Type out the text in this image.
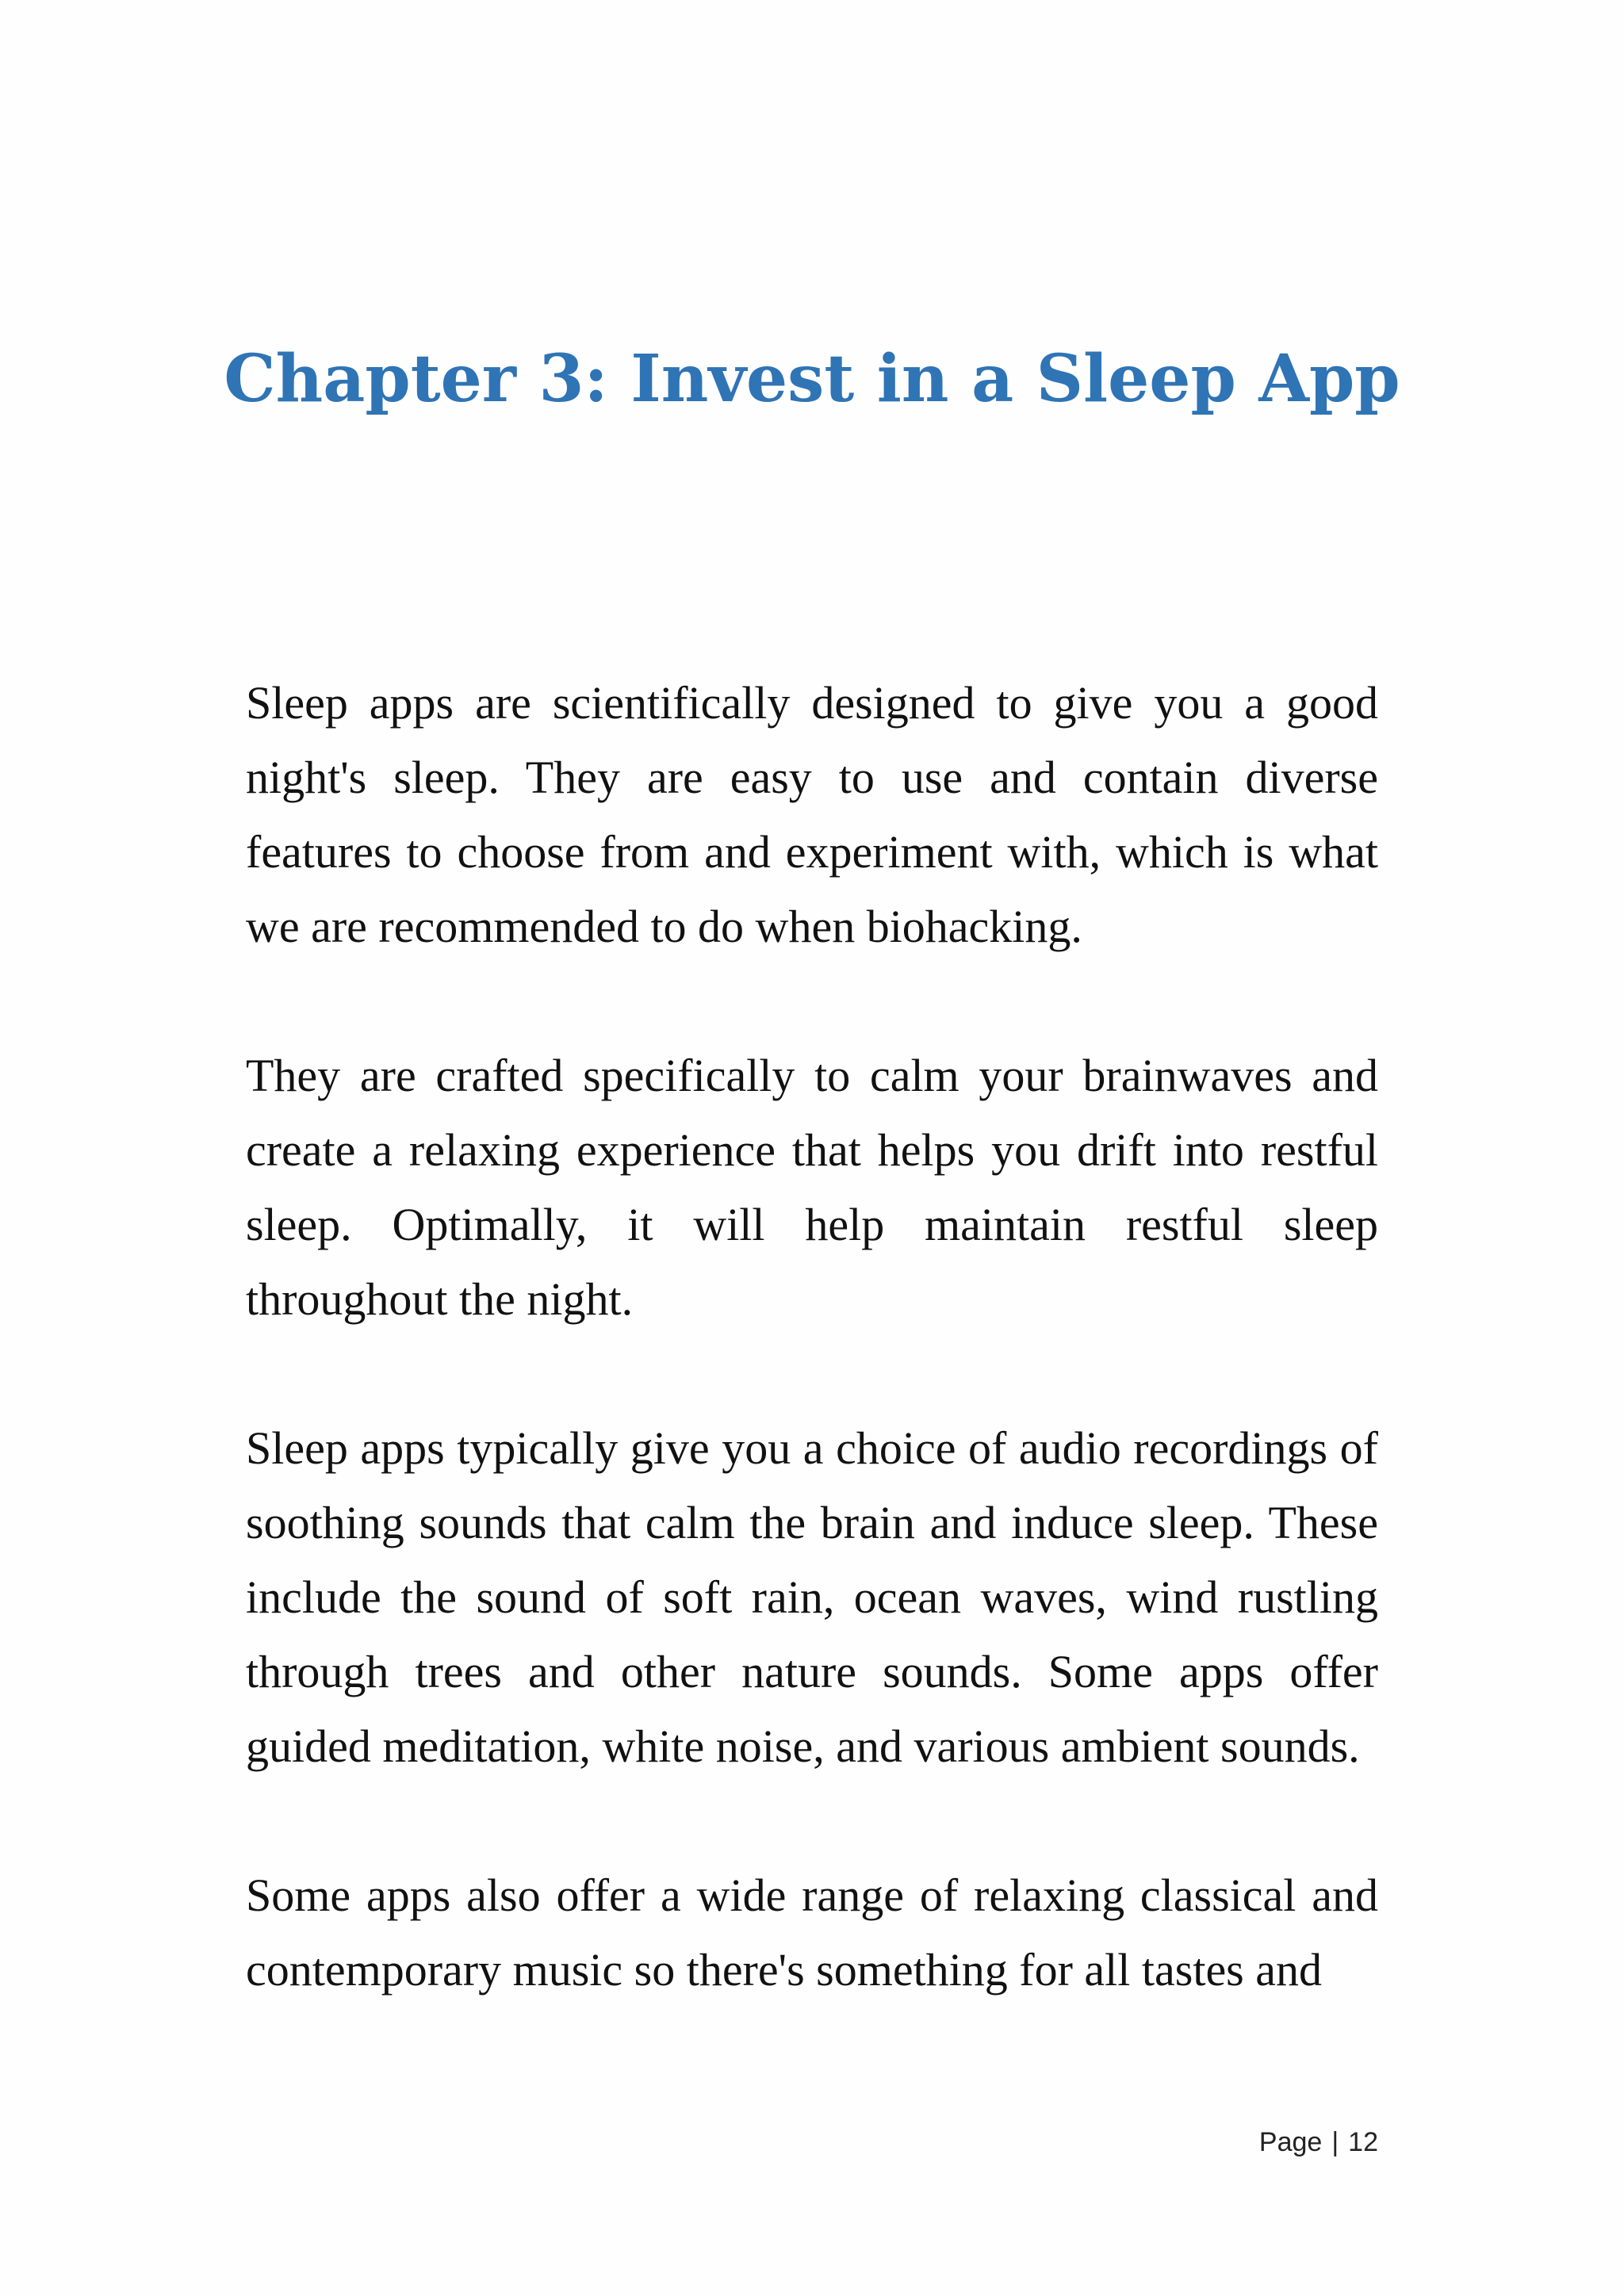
Chapter 3: Invest in a Sleep App

Sleep apps are scientifically designed to give you a good night's sleep. They are easy to use and contain diverse features to choose from and experiment with, which is what we are recommended to do when biohacking.

They are crafted specifically to calm your brainwaves and create a relaxing experience that helps you drift into restful sleep. Optimally, it will help maintain restful sleep throughout the night.

Sleep apps typically give you a choice of audio recordings of soothing sounds that calm the brain and induce sleep. These include the sound of soft rain, ocean waves, wind rustling through trees and other nature sounds. Some apps offer guided meditation, white noise, and various ambient sounds.

Some apps also offer a wide range of relaxing classical and contemporary music so there's something for all tastes and

Page | 12
